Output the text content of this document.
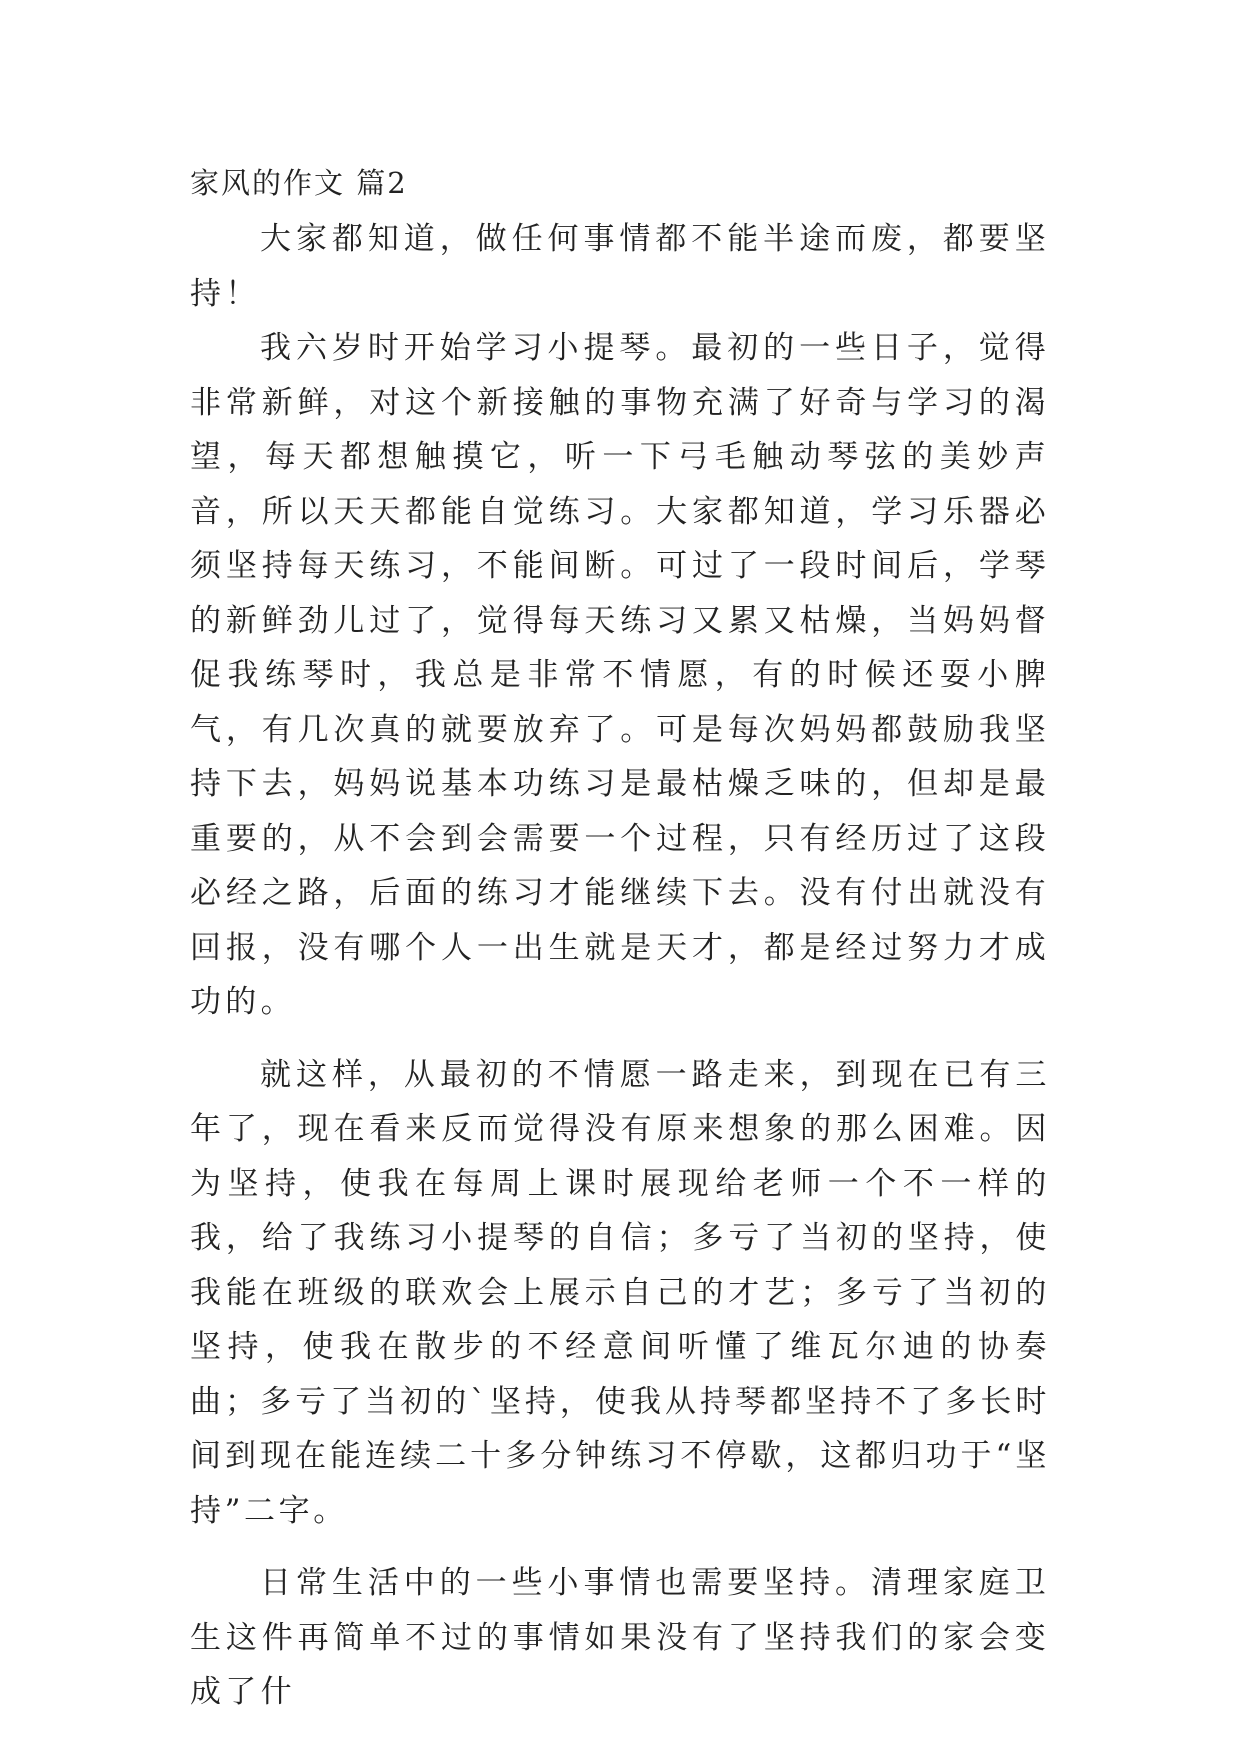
家风的作文 篇2

大家都知道，做任何事情都不能半途而废，都要坚持！

我六岁时开始学习小提琴。最初的一些日子，觉得非常新鲜，对这个新接触的事物充满了好奇与学习的渴望，每天都想触摸它，听一下弓毛触动琴弦的美妙声音，所以天天都能自觉练习。大家都知道，学习乐器必须坚持每天练习，不能间断。可过了一段时间后，学琴的新鲜劲儿过了，觉得每天练习又累又枯燥，当妈妈督促我练琴时，我总是非常不情愿，有的时候还耍小脾气，有几次真的就要放弃了。可是每次妈妈都鼓励我坚持下去，妈妈说基本功练习是最枯燥乏味的，但却是最重要的，从不会到会需要一个过程，只有经历过了这段必经之路，后面的练习才能继续下去。没有付出就没有回报，没有哪个人一出生就是天才，都是经过努力才成功的。

就这样，从最初的不情愿一路走来，到现在已有三年了，现在看来反而觉得没有原来想象的那么困难。因为坚持，使我在每周上课时展现给老师一个不一样的我，给了我练习小提琴的自信；多亏了当初的坚持，使我能在班级的联欢会上展示自己的才艺；多亏了当初的坚持，使我在散步的不经意间听懂了维瓦尔迪的协奏曲；多亏了当初的`坚持，使我从持琴都坚持不了多长时间到现在能连续二十多分钟练习不停歇，这都归功于“坚持”二字。

日常生活中的一些小事情也需要坚持。清理家庭卫生这件再简单不过的事情如果没有了坚持我们的家会变成了什
